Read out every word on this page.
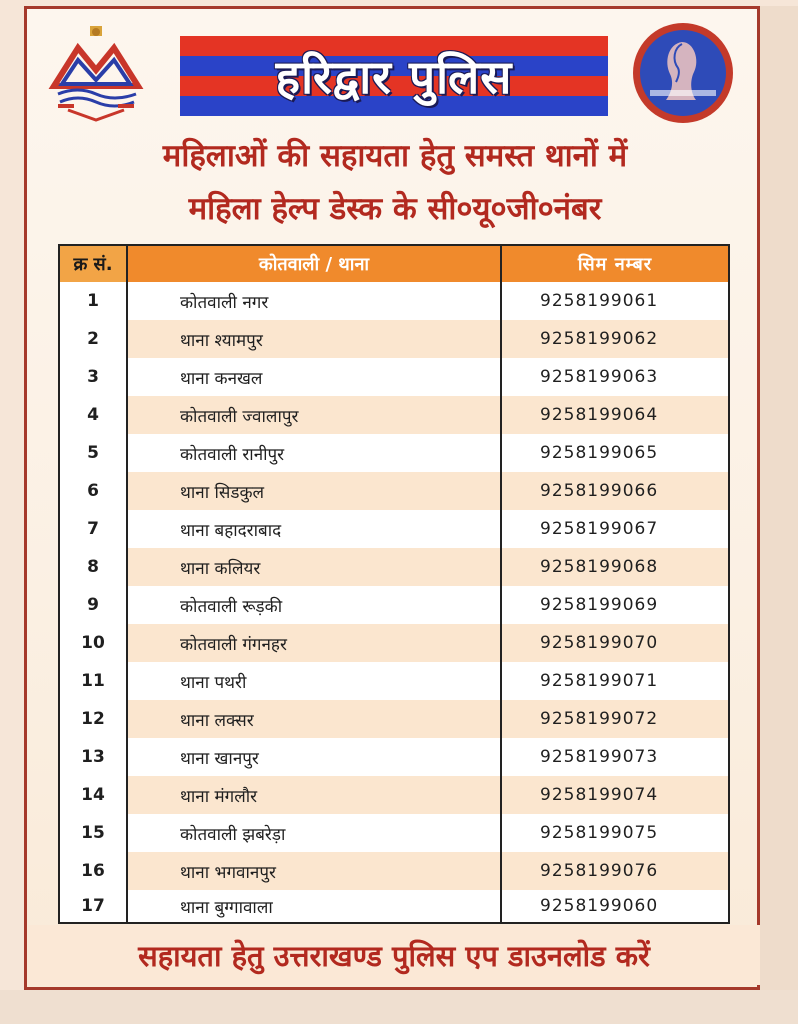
हरिद्वार पुलिस
महिलाओं की सहायता हेतु समस्त थानों में
महिला हेल्प डेस्क के सी०यू०जी०नंबर
क्र सं.	कोतवाली / थाना	सिम नम्बर
1	कोतवाली नगर	9258199061
2	थाना श्यामपुर	9258199062
3	थाना कनखल	9258199063
4	कोतवाली ज्वालापुर	9258199064
5	कोतवाली रानीपुर	9258199065
6	थाना सिडकुल	9258199066
7	थाना बहादराबाद	9258199067
8	थाना कलियर	9258199068
9	कोतवाली रूड़की	9258199069
10	कोतवाली गंगनहर	9258199070
11	थाना पथरी	9258199071
12	थाना लक्सर	9258199072
13	थाना खानपुर	9258199073
14	थाना मंगलौर	9258199074
15	कोतवाली झबरेड़ा	9258199075
16	थाना भगवानपुर	9258199076
17	थाना बुग्गावाला	9258199060
सहायता हेतु उत्तराखण्ड पुलिस एप डाउनलोड करें
